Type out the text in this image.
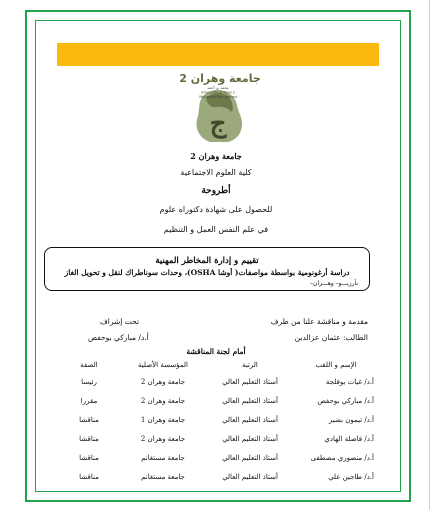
جامعة وهران 2
محمد بن أحمد
University of Oran 2
Mohamed Ben Ahmed
ج
جامعة وهران 2
كلية العلوم الاجتماعية
أطروحة
للحصول على شهادة دكتوراه علوم
في علم النفس العمل و التنظيم
تقييم و إدارة المخاطر المهنية
دراسة أرغونومية بواسطة مواصفات( أوشا OSHA)، وحدات سوناطراك لنقل و تحويل الغاز
بأرزيـــو– وهـــران–
مقدمة و مناقشة علنا من طرف
تحت إشراف
الطالب: عثمان عزالدين
أ.د/ مباركي بوحفص
أمام لجنة المناقشة
الإسم و اللقب	الرتبة	المؤسسة الأصلية	الصفة
أ.د/ غيات بوفلجة	أستاذ التعليم العالي	جامعة وهران 2	رئيسا
أ.د/ مباركي بوحفص	أستاذ التعليم العالي	جامعة وهران 2	مقررا
أ.د/ تيمون بشير	أستاذ التعليم العالي	جامعة وهران 1	مناقشا
أ.د/ فاصلة الهادي	أستاذ التعليم العالي	جامعة وهران 2	مناقشا
أ.د/ منصوري مصطفى	أستاذ التعليم العالي	جامعة مستغانم	مناقشا
أ.د/ طاجين علي	أستاذ التعليم العالي	جامعة مستغانم	مناقشا
